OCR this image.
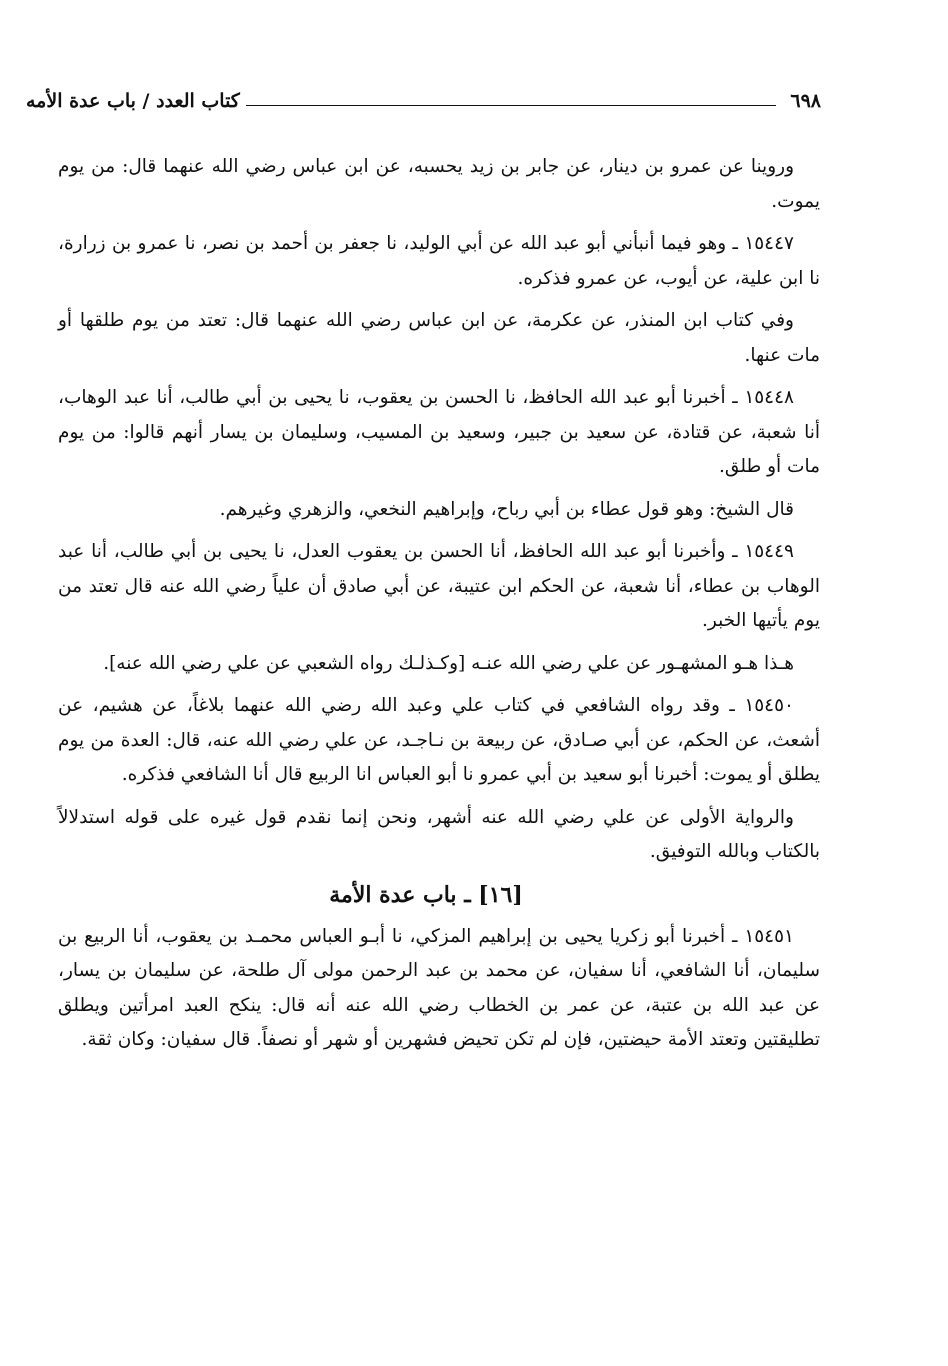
٦٩٨
كتاب العدد / باب عدة الأمه

وروينا عن عمرو بن دينار، عن جابر بن زيد يحسبه، عن ابن عباس رضي الله عنهما قال: من يوم يموت.

١٥٤٤٧ ـ وهو فيما أنبأني أبو عبد الله عن أبي الوليد، نا جعفر بن أحمد بن نصر، نا عمرو بن زرارة، نا ابن علية، عن أيوب، عن عمرو فذكره.

وفي كتاب ابن المنذر، عن عكرمة، عن ابن عباس رضي الله عنهما قال: تعتد من يوم طلقها أو مات عنها.

١٥٤٤٨ ـ أخبرنا أبو عبد الله الحافظ، نا الحسن بن يعقوب، نا يحيى بن أبي طالب، أنا عبد الوهاب، أنا شعبة، عن قتادة، عن سعيد بن جبير، وسعيد بن المسيب، وسليمان بن يسار أنهم قالوا: من يوم مات أو طلق.

قال الشيخ: وهو قول عطاء بن أبي رباح، وإبراهيم النخعي، والزهري وغيرهم.

١٥٤٤٩ ـ وأخبرنا أبو عبد الله الحافظ، أنا الحسن بن يعقوب العدل، نا يحيى بن أبي طالب، أنا عبد الوهاب بن عطاء، أنا شعبة، عن الحكم ابن عتيبة، عن أبي صادق أن علياً رضي الله عنه قال تعتد من يوم يأتيها الخبر.

هـذا هـو المشهـور عن علي رضي الله عنـه [وكـذلـك رواه الشعبي عن علي رضي الله عنه].

١٥٤٥٠ ـ وقد رواه الشافعي في كتاب علي وعبد الله رضي الله عنهما بلاغاً، عن هشيم، عن أشعث، عن الحكم، عن أبي صـادق، عن ربيعة بن نـاجـد، عن علي رضي الله عنه، قال: العدة من يوم يطلق أو يموت: أخبرنا أبو سعيد بن أبي عمرو نا أبو العباس انا الربيع قال أنا الشافعي فذكره.

والرواية الأولى عن علي رضي الله عنه أشهر، ونحن إنما نقدم قول غيره على قوله استدلالاً بالكتاب وبالله التوفيق.

[١٦] ـ باب عدة الأمة

١٥٤٥١ ـ أخبرنا أبو زكريا يحيى بن إبراهيم المزكي، نا أبـو العباس محمـد بن يعقوب، أنا الربيع بن سليمان، أنا الشافعي، أنا سفيان، عن محمد بن عبد الرحمن مولى آل طلحة، عن سليمان بن يسار، عن عبد الله بن عتبة، عن عمر بن الخطاب رضي الله عنه أنه قال: ينكح العبد امرأتين ويطلق تطليقتين وتعتد الأمة حيضتين، فإن لم تكن تحيض فشهرين أو شهر أو نصفاً. قال سفيان: وكان ثقة.
